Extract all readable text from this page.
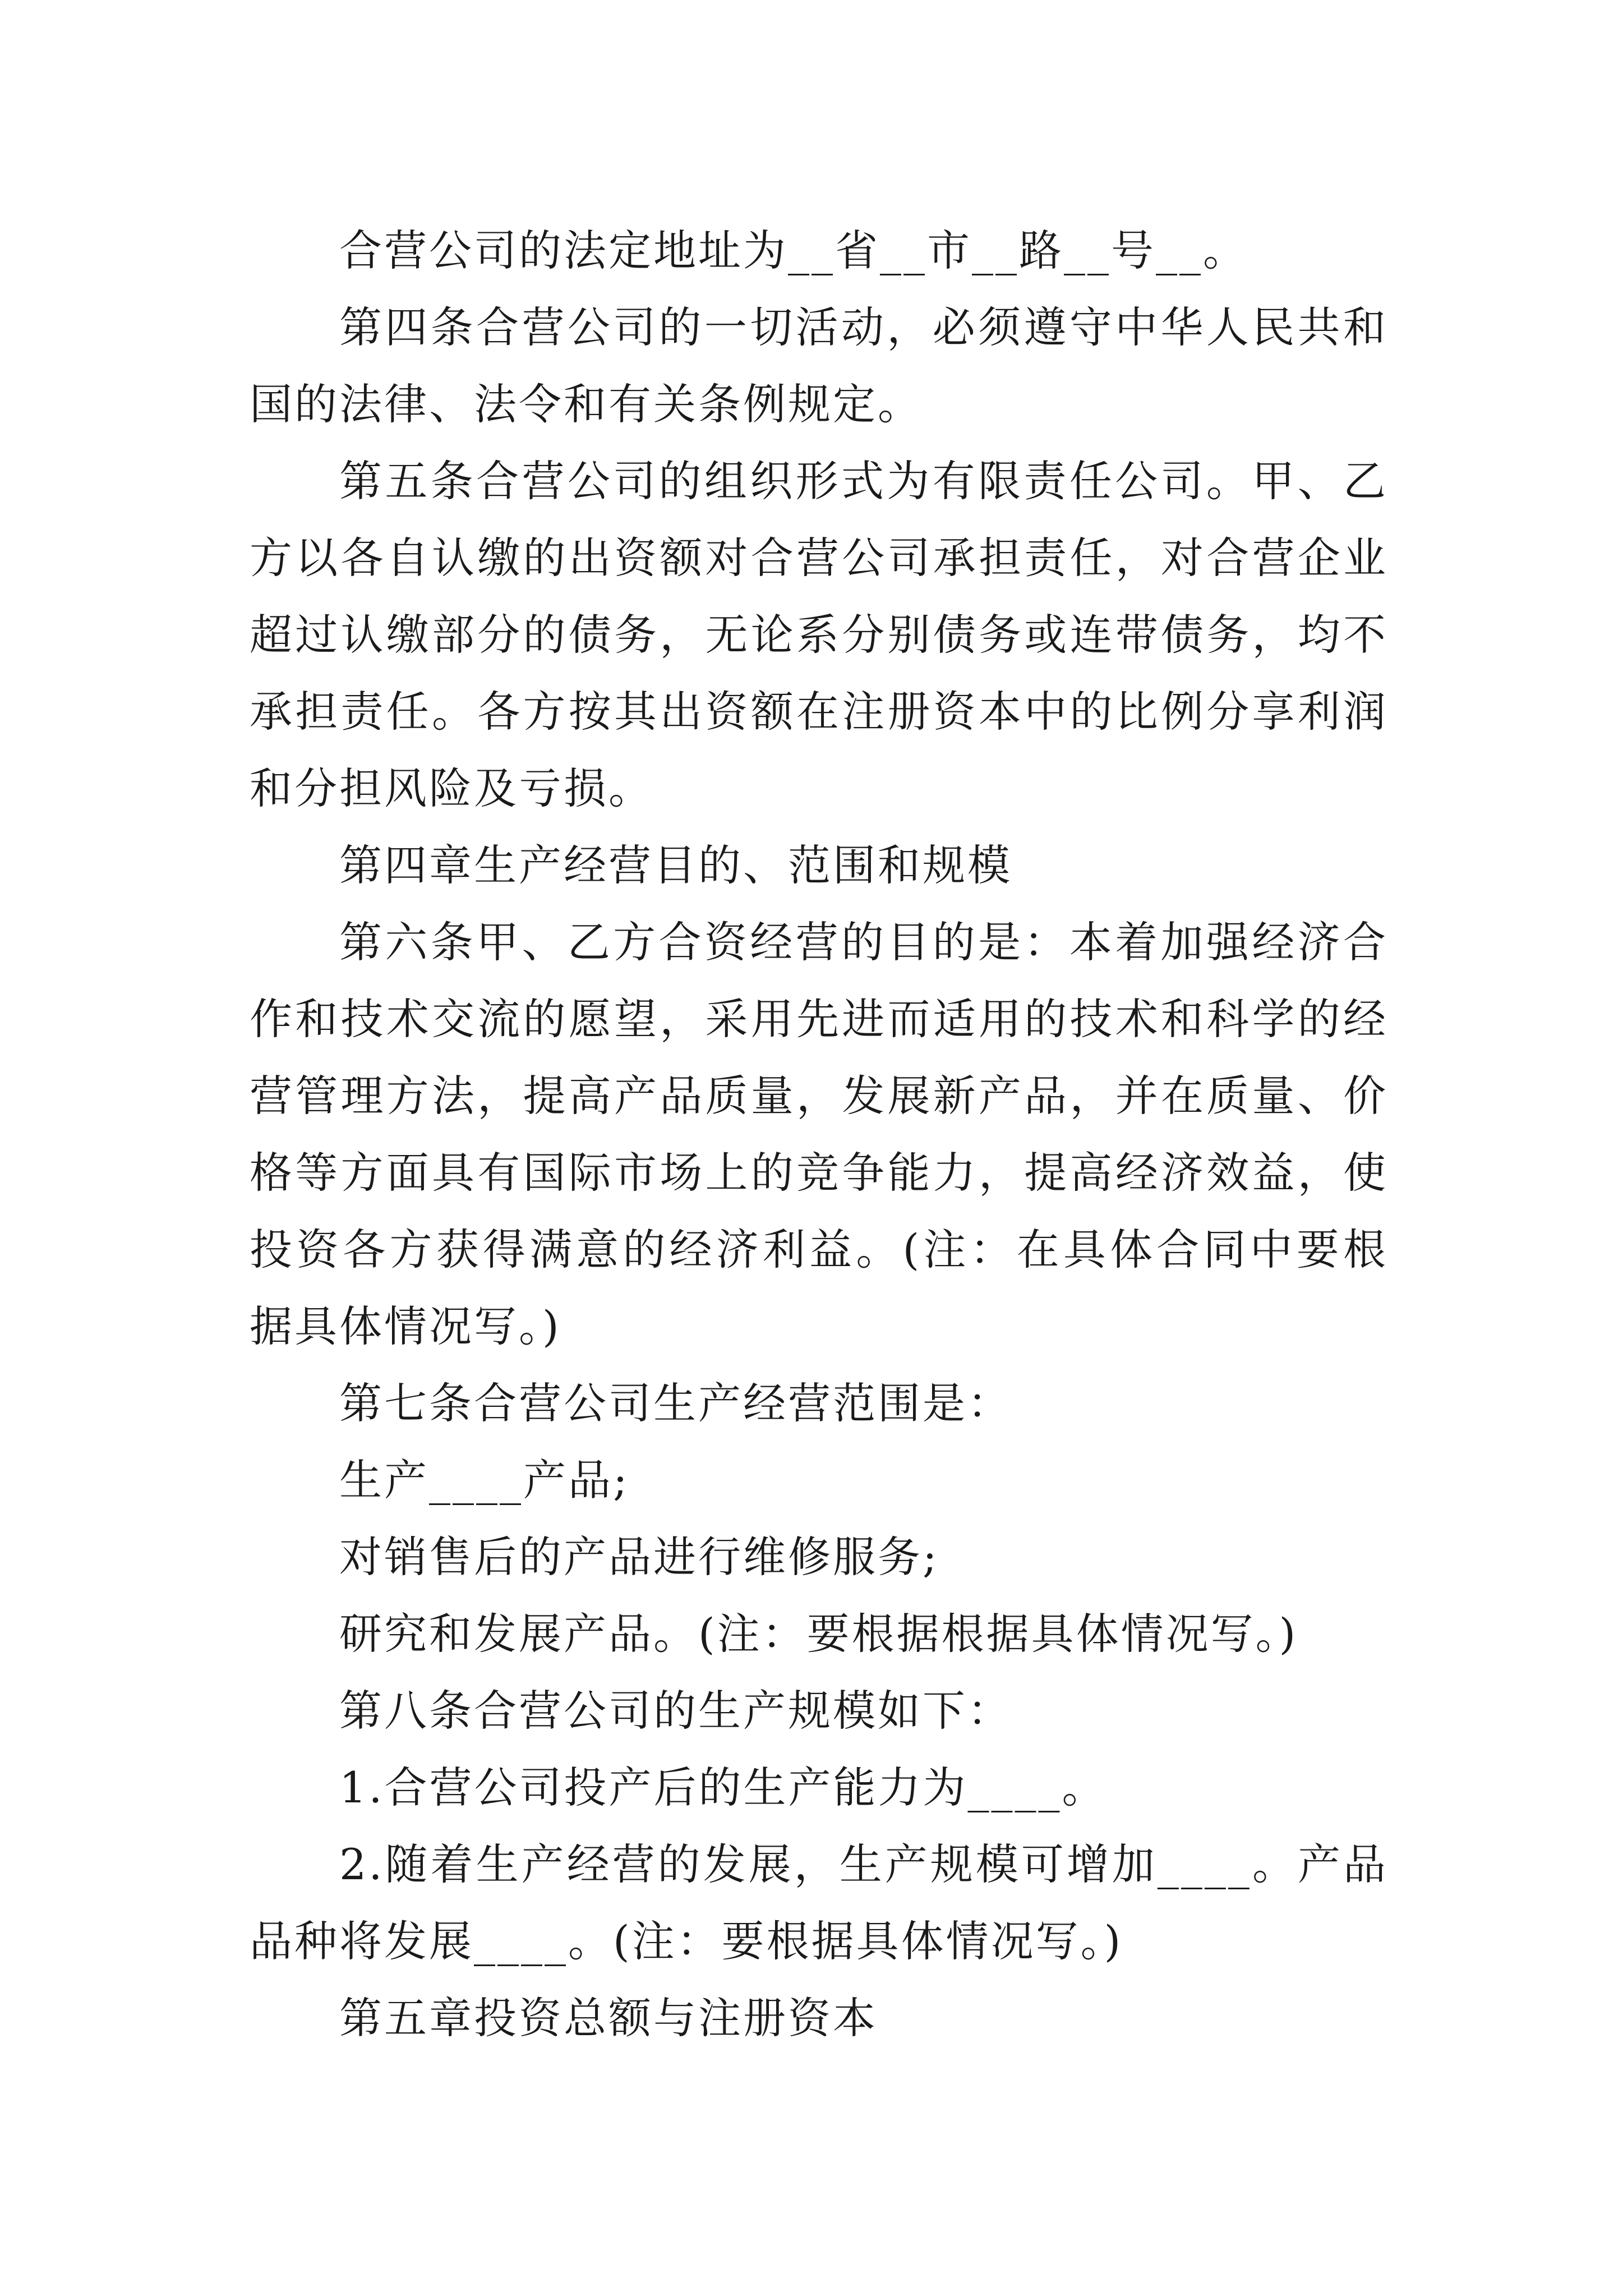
合营公司的法定地址为__省__市__路__号__。

第四条合营公司的一切活动，必须遵守中华人民共和国的法律、法令和有关条例规定。

第五条合营公司的组织形式为有限责任公司。甲、乙方以各自认缴的出资额对合营公司承担责任，对合营企业超过认缴部分的债务，无论系分别债务或连带债务，均不承担责任。各方按其出资额在注册资本中的比例分享利润和分担风险及亏损。

第四章生产经营目的、范围和规模

第六条甲、乙方合资经营的目的是：本着加强经济合作和技术交流的愿望，采用先进而适用的技术和科学的经营管理方法，提高产品质量，发展新产品，并在质量、价格等方面具有国际市场上的竞争能力，提高经济效益，使投资各方获得满意的经济利益。(注：在具体合同中要根据具体情况写。)

第七条合营公司生产经营范围是：

生产____产品;

对销售后的产品进行维修服务;

研究和发展产品。(注：要根据根据具体情况写。)

第八条合营公司的生产规模如下：

1.合营公司投产后的生产能力为____。

2.随着生产经营的发展，生产规模可增加____。产品品种将发展____。(注：要根据具体情况写。)

第五章投资总额与注册资本
